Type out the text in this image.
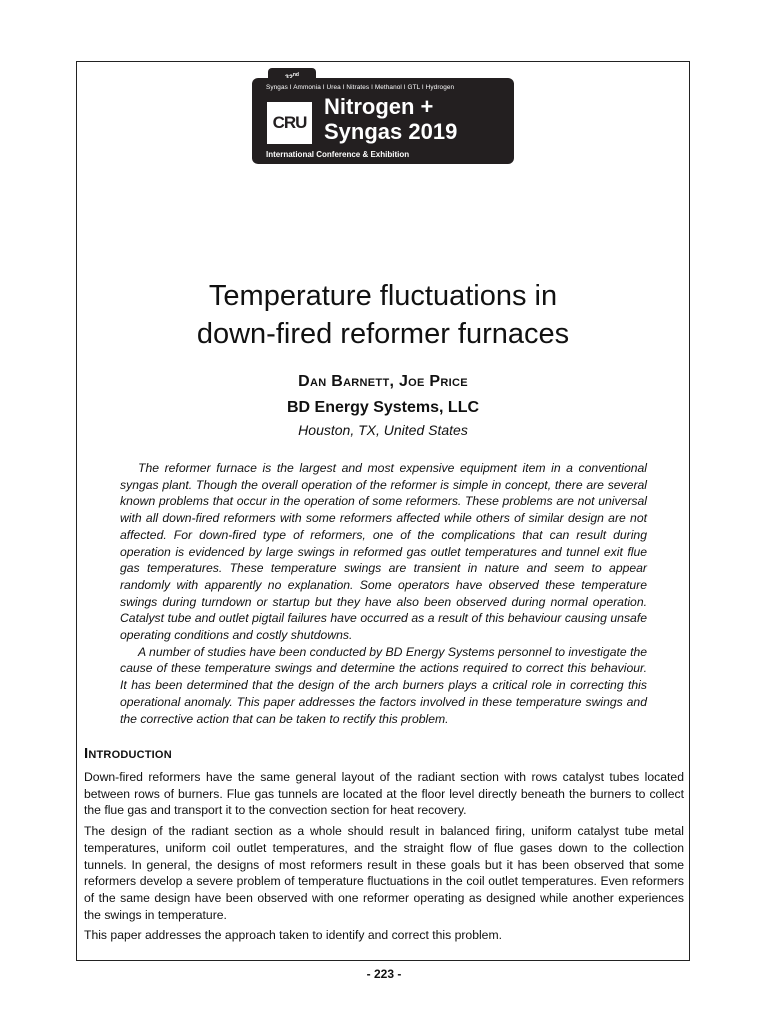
$^{nd}$
Syngas I Ammonia I Urea I Nitrates I Methanol I GTL I Hydrogen
CRU
Nitrogen +
Syngas 2019
International Conference & Exhibition
Temperature fluctuations in
down-fired reformer furnaces
Dan Barnett, Joe Price
BD Energy Systems, LLC
Houston, TX, United States

The reformer furnace is the largest and most expensive equipment item in a conventional syngas plant. Though the overall operation of the reformer is simple in concept, there are several known problems that occur in the operation of some reformers. These problems are not universal with all down-fired reformers with some reformers affected while others of similar design are not affected. For down-fired type of reformers, one of the complications that can result during operation is evidenced by large swings in reformed gas outlet temperatures and tunnel exit flue gas temperatures. These temperature swings are transient in nature and seem to appear randomly with apparently no explanation. Some operators have observed these temperature swings during turndown or startup but they have also been observed during normal operation. Catalyst tube and outlet pigtail failures have occurred as a result of this behaviour causing unsafe operating conditions and costly shutdowns.

A number of studies have been conducted by BD Energy Systems personnel to investigate the cause of these temperature swings and determine the actions required to correct this behaviour. It has been determined that the design of the arch burners plays a critical role in correcting this operational anomaly. This paper addresses the factors involved in these temperature swings and the corrective action that can be taken to rectify this problem.

Introduction

Down-fired reformers have the same general layout of the radiant section with rows catalyst tubes located between rows of burners. Flue gas tunnels are located at the floor level directly beneath the burners to collect the flue gas and transport it to the convection section for heat recovery.

The design of the radiant section as a whole should result in balanced firing, uniform catalyst tube metal temperatures, uniform coil outlet temperatures, and the straight flow of flue gases down to the collection tunnels. In general, the designs of most reformers result in these goals but it has been observed that some reformers develop a severe problem of temperature fluctuations in the coil outlet temperatures. Even reformers of the same design have been observed with one reformer operating as designed while another experiences the swings in temperature.

This paper addresses the approach taken to identify and correct this problem.

- 223 -
